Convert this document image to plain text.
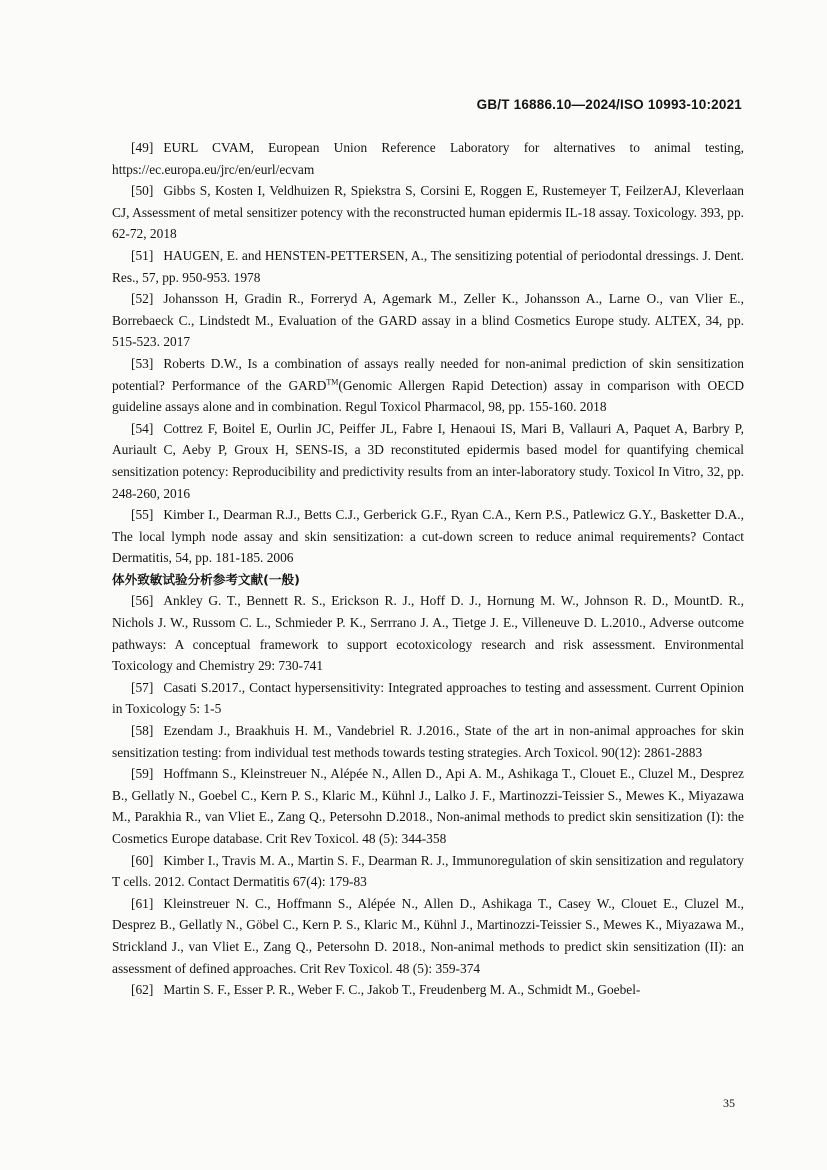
GB/T 16886.10—2024/ISO 10993-10:2021
[49] EURL CVAM, European Union Reference Laboratory for alternatives to animal testing, https://ec.europa.eu/jrc/en/eurl/ecvam
[50] Gibbs S, Kosten I, Veldhuizen R, Spiekstra S, Corsini E, Roggen E, Rustemeyer T, FeilzerAJ, Kleverlaan CJ, Assessment of metal sensitizer potency with the reconstructed human epidermis IL-18 assay. Toxicology. 393, pp. 62-72, 2018
[51] HAUGEN, E. and HENSTEN-PETTERSEN, A., The sensitizing potential of periodontal dressings. J. Dent. Res., 57, pp. 950-953. 1978
[52] Johansson H, Gradin R., Forreryd A, Agemark M., Zeller K., Johansson A., Larne O., van Vlier E., Borrebaeck C., Lindstedt M., Evaluation of the GARD assay in a blind Cosmetics Europe study. ALTEX, 34, pp. 515-523. 2017
[53] Roberts D.W., Is a combination of assays really needed for non-animal prediction of skin sensitization potential? Performance of the GARD™(Genomic Allergen Rapid Detection) assay in comparison with OECD guideline assays alone and in combination. Regul Toxicol Pharmacol, 98, pp. 155-160. 2018
[54] Cottrez F, Boitel E, Ourlin JC, Peiffer JL, Fabre I, Henaoui IS, Mari B, Vallauri A, Paquet A, Barbry P, Auriault C, Aeby P, Groux H, SENS-IS, a 3D reconstituted epidermis based model for quantifying chemical sensitization potency: Reproducibility and predictivity results from an inter-laboratory study. Toxicol In Vitro, 32, pp. 248-260, 2016
[55] Kimber I., Dearman R.J., Betts C.J., Gerberick G.F., Ryan C.A., Kern P.S., Patlewicz G.Y., Basketter D.A., The local lymph node assay and skin sensitization: a cut-down screen to reduce animal requirements? Contact Dermatitis, 54, pp. 181-185. 2006
体外致敏试验分析参考文献(一般)
[56] Ankley G. T., Bennett R. S., Erickson R. J., Hoff D. J., Hornung M. W., Johnson R. D., MountD. R., Nichols J. W., Russom C. L., Schmieder P. K., Serrrano J. A., Tietge J. E., Villeneuve D. L.2010., Adverse outcome pathways: A conceptual framework to support ecotoxicology research and risk assessment. Environmental Toxicology and Chemistry 29: 730-741
[57] Casati S.2017., Contact hypersensitivity: Integrated approaches to testing and assessment. Current Opinion in Toxicology 5: 1-5
[58] Ezendam J., Braakhuis H. M., Vandebriel R. J.2016., State of the art in non-animal approaches for skin sensitization testing: from individual test methods towards testing strategies. Arch Toxicol. 90(12): 2861-2883
[59] Hoffmann S., Kleinstreuer N., Alépée N., Allen D., Api A. M., Ashikaga T., Clouet E., Cluzel M., Desprez B., Gellatly N., Goebel C., Kern P. S., Klaric M., Kühnl J., Lalko J. F., Martinozzi-Teissier S., Mewes K., Miyazawa M., Parakhia R., van Vliet E., Zang Q., Petersohn D.2018., Non-animal methods to predict skin sensitization (I): the Cosmetics Europe database. Crit Rev Toxicol. 48 (5): 344-358
[60] Kimber I., Travis M. A., Martin S. F., Dearman R. J., Immunoregulation of skin sensitization and regulatory T cells. 2012. Contact Dermatitis 67(4): 179-83
[61] Kleinstreuer N. C., Hoffmann S., Alépée N., Allen D., Ashikaga T., Casey W., Clouet E., Cluzel M., Desprez B., Gellatly N., Göbel C., Kern P. S., Klaric M., Kühnl J., Martinozzi-Teissier S., Mewes K., Miyazawa M., Strickland J., van Vliet E., Zang Q., Petersohn D. 2018., Non-animal methods to predict skin sensitization (II): an assessment of defined approaches. Crit Rev Toxicol. 48 (5): 359-374
[62] Martin S. F., Esser P. R., Weber F. C., Jakob T., Freudenberg M. A., Schmidt M., Goebel-
35
